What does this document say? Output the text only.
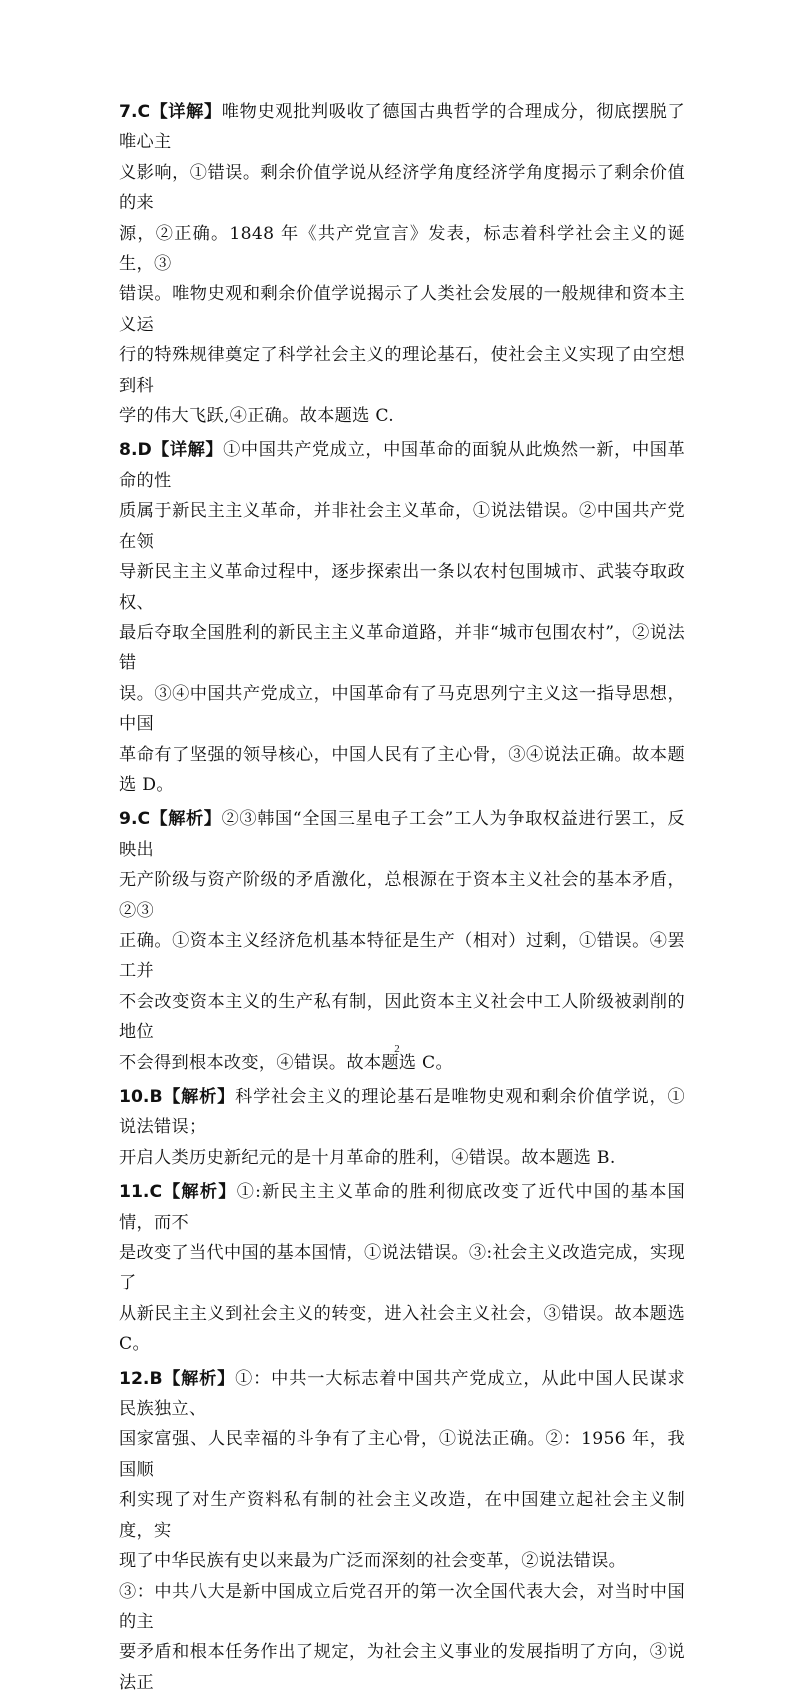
7.C【详解】唯物史观批判吸收了德国古典哲学的合理成分，彻底摆脱了唯心主
义影响，①错误。剩余价值学说从经济学角度经济学角度揭示了剩余价值的来
源，②正确。1848 年《共产党宣言》发表，标志着科学社会主义的诞生，③
错误。唯物史观和剩余价值学说揭示了人类社会发展的一般规律和资本主义运
行的特殊规律奠定了科学社会主义的理论基石，使社会主义实现了由空想到科
学的伟大飞跃,④正确。故本题选 C.
8.D【详解】①中国共产党成立，中国革命的面貌从此焕然一新，中国革命的性
质属于新民主主义革命，并非社会主义革命，①说法错误。②中国共产党在领
导新民主主义革命过程中，逐步探索出一条以农村包围城市、武装夺取政权、
最后夺取全国胜利的新民主主义革命道路，并非“城市包围农村”，②说法错
误。③④中国共产党成立，中国革命有了马克思列宁主义这一指导思想，中国
革命有了坚强的领导核心，中国人民有了主心骨，③④说法正确。故本题选 D。
9.C【解析】②③韩国“全国三星电子工会”工人为争取权益进行罢工，反映出
无产阶级与资产阶级的矛盾激化，总根源在于资本主义社会的基本矛盾，②③
正确。①资本主义经济危机基本特征是生产（相对）过剩，①错误。④罢工并
不会改变资本主义的生产私有制，因此资本主义社会中工人阶级被剥削的地位
不会得到根本改变，④错误。故本题选 C。
10.B【解析】科学社会主义的理论基石是唯物史观和剩余价值学说，①说法错误；
开启人类历史新纪元的是十月革命的胜利，④错误。故本题选 B.
11.C【解析】①:新民主主义革命的胜利彻底改变了近代中国的基本国情，而不
是改变了当代中国的基本国情，①说法错误。③:社会主义改造完成，实现了
从新民主主义到社会主义的转变，进入社会主义社会，③错误。故本题选 C。
12.B【解析】①：中共一大标志着中国共产党成立，从此中国人民谋求民族独立、
国家富强、人民幸福的斗争有了主心骨，①说法正确。②：1956 年，我国顺
利实现了对生产资料私有制的社会主义改造，在中国建立起社会主义制度，实
现了中华民族有史以来最为广泛而深刻的社会变革，②说法错误。
③：中共八大是新中国成立后党召开的第一次全国代表大会，对当时中国的主
要矛盾和根本任务作出了规定，为社会主义事业的发展指明了方向，③说法正
2
